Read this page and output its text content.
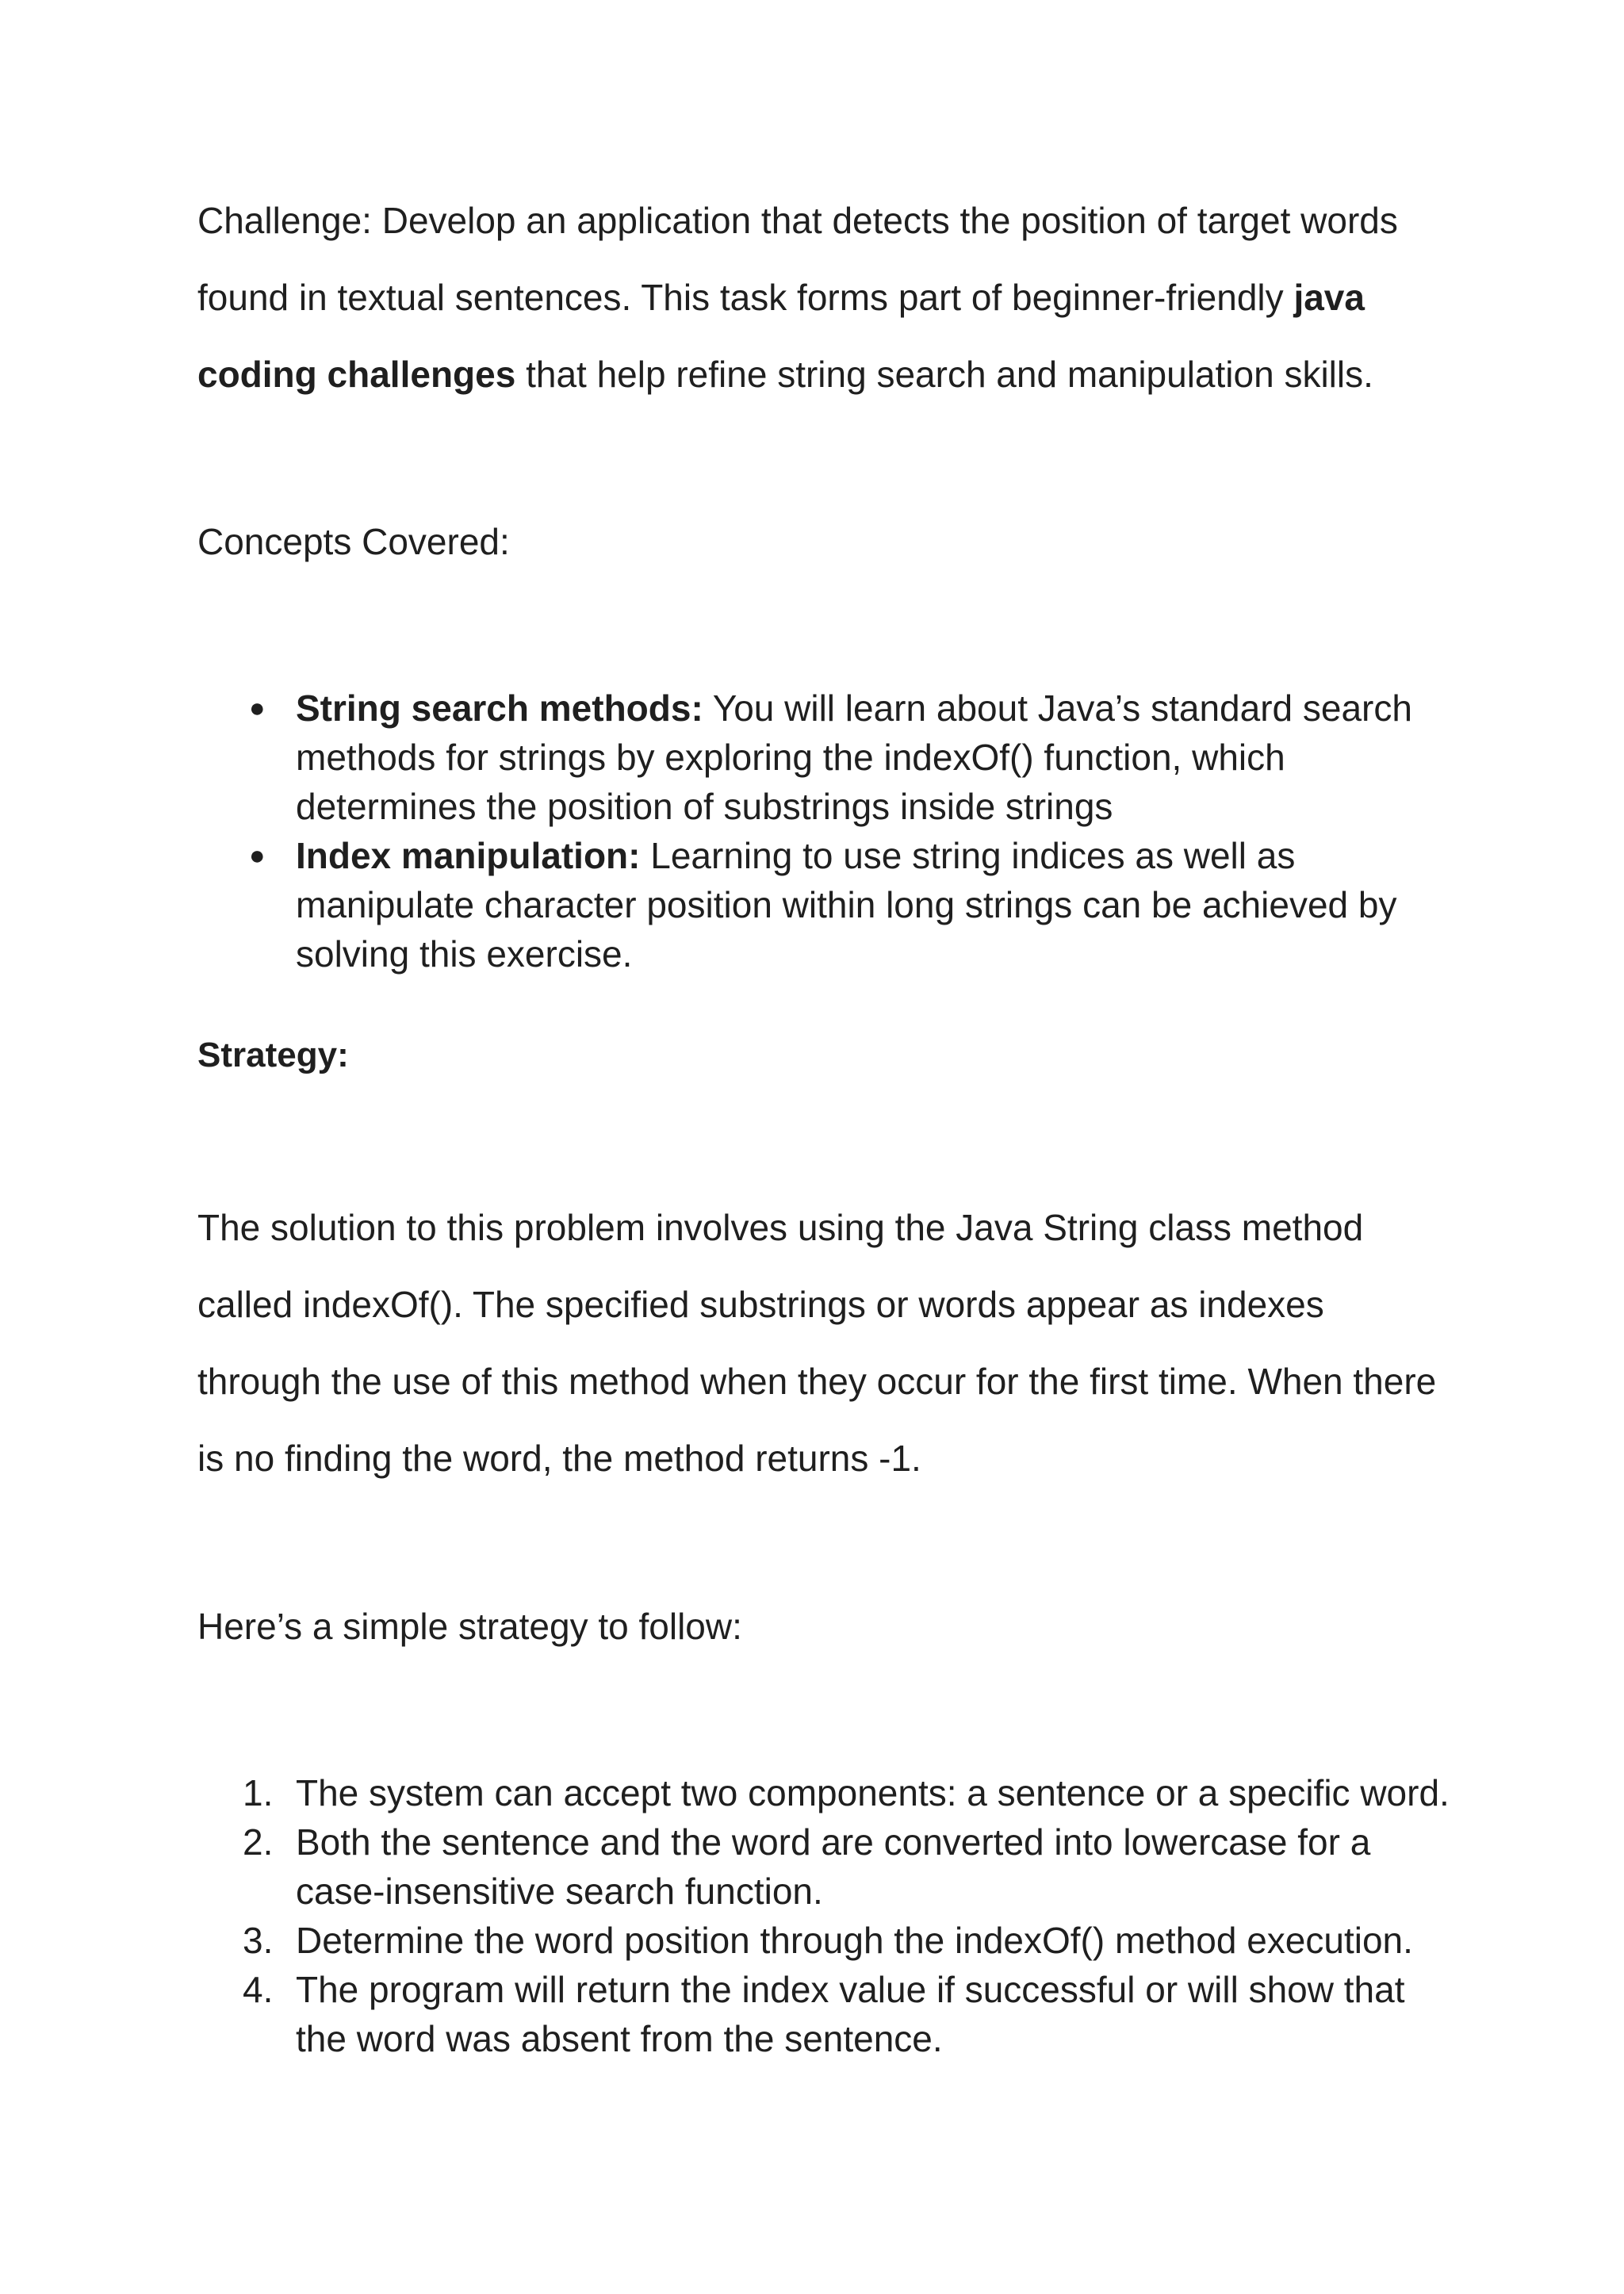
Challenge: Develop an application that detects the position of target words found in textual sentences. This task forms part of beginner-friendly java coding challenges that help refine string search and manipulation skills.

Concepts Covered:

● String search methods: You will learn about Java’s standard search methods for strings by exploring the indexOf() function, which determines the position of substrings inside strings
● Index manipulation: Learning to use string indices as well as manipulate character position within long strings can be achieved by solving this exercise.

Strategy:

The solution to this problem involves using the Java String class method called indexOf(). The specified substrings or words appear as indexes through the use of this method when they occur for the first time. When there is no finding the word, the method returns -1.

Here’s a simple strategy to follow:

1. The system can accept two components: a sentence or a specific word.
2. Both the sentence and the word are converted into lowercase for a case-insensitive search function.
3. Determine the word position through the indexOf() method execution.
4. The program will return the index value if successful or will show that the word was absent from the sentence.
